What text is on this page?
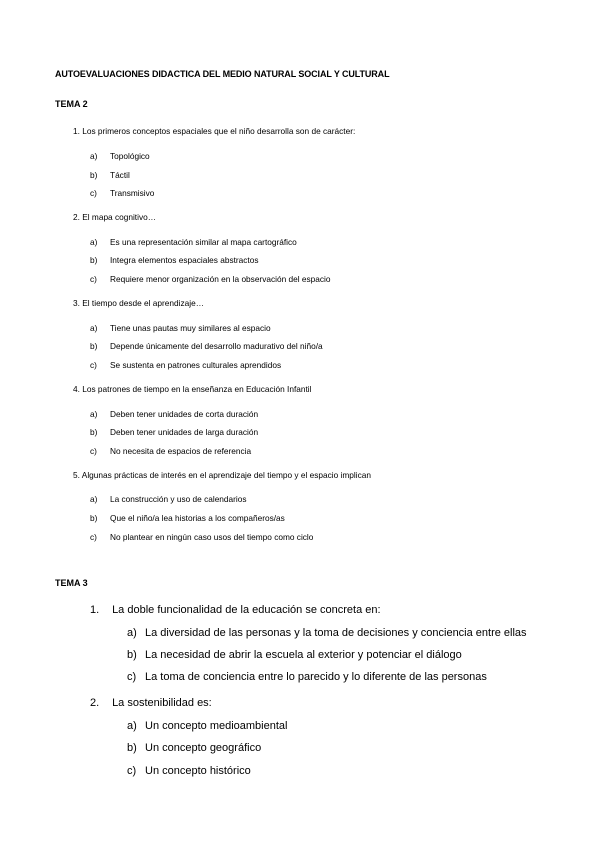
AUTOEVALUACIONES DIDACTICA DEL MEDIO NATURAL SOCIAL Y CULTURAL
TEMA 2
1. Los primeros conceptos espaciales que el niño desarrolla son de carácter:
a) Topológico
b) Táctil
c) Transmisivo
2. El mapa cognitivo…
a) Es una representación similar al mapa cartográfico
b) Integra elementos espaciales abstractos
c) Requiere menor organización en la observación del espacio
3. El tiempo desde el aprendizaje…
a) Tiene unas pautas muy similares al espacio
b) Depende únicamente del desarrollo madurativo del niño/a
c) Se sustenta en patrones culturales aprendidos
4. Los patrones de tiempo en la enseñanza en Educación Infantil
a) Deben tener unidades de corta duración
b) Deben tener unidades de larga duración
c) No necesita de espacios de referencia
5. Algunas prácticas de interés en el aprendizaje del tiempo y el espacio implican
a) La construcción y uso de calendarios
b) Que el niño/a lea historias a los compañeros/as
c) No plantear en ningún caso usos del tiempo como ciclo
TEMA 3
1. La doble funcionalidad de la educación se concreta en:
a) La diversidad de las personas y la toma de decisiones y conciencia entre ellas
b) La necesidad de abrir la escuela al exterior y potenciar el diálogo
c) La toma de conciencia entre lo parecido y lo diferente de las personas
2. La sostenibilidad es:
a) Un concepto medioambiental
b) Un concepto geográfico
c) Un concepto histórico
